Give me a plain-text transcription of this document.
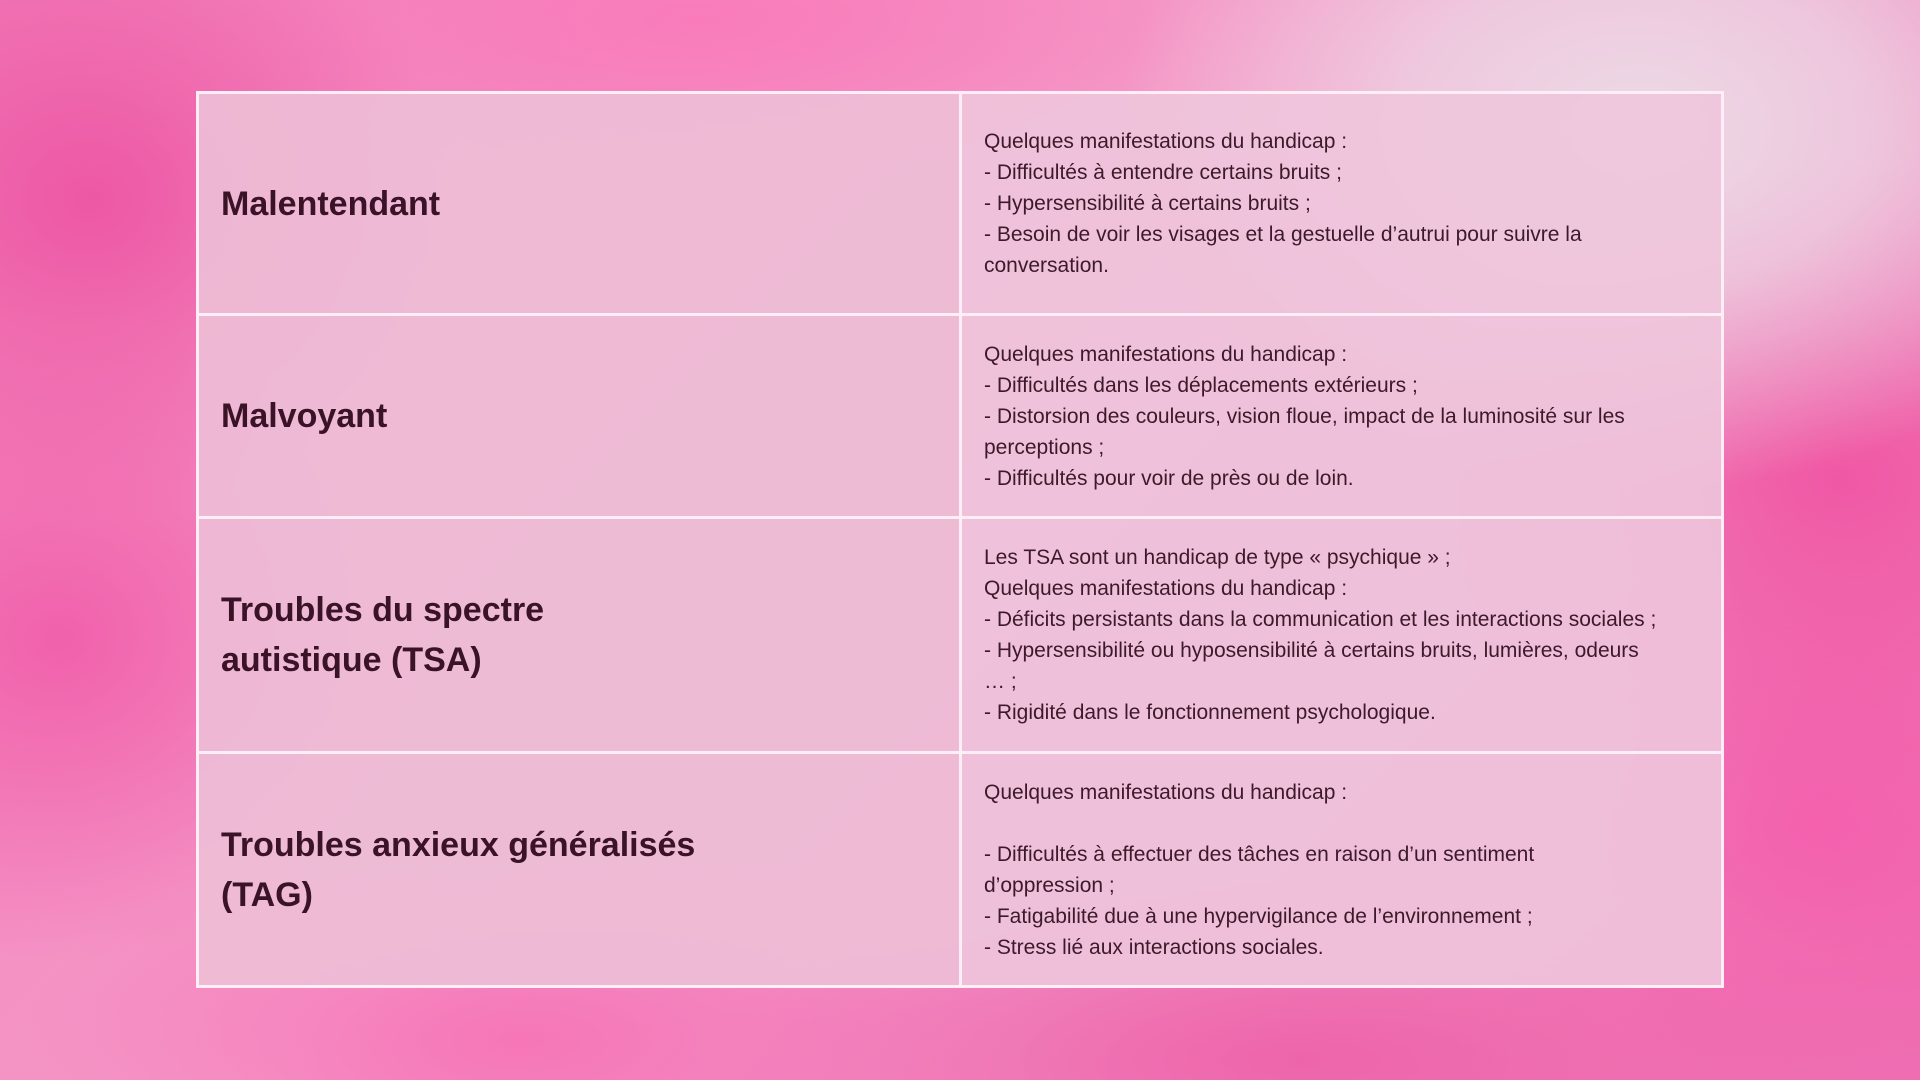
Malentendant
Quelques manifestations du handicap :
- Difficultés à entendre certains bruits ;
- Hypersensibilité à certains bruits ;
- Besoin de voir les visages et la gestuelle d’autrui pour suivre la
conversation.
Malvoyant
Quelques manifestations du handicap :
- Difficultés dans les déplacements extérieurs ;
- Distorsion des couleurs, vision floue, impact de la luminosité sur les
perceptions ;
- Difficultés pour voir de près ou de loin.
Troubles du spectre
autistique (TSA)
Les TSA sont un handicap de type « psychique » ;
Quelques manifestations du handicap :
- Déficits persistants dans la communication et les interactions sociales ;
- Hypersensibilité ou hyposensibilité à certains bruits, lumières, odeurs
… ;
- Rigidité dans le fonctionnement psychologique.
Troubles anxieux généralisés
(TAG)
Quelques manifestations du handicap :

- Difficultés à effectuer des tâches en raison d’un sentiment
d’oppression ;
- Fatigabilité due à une hypervigilance de l’environnement ;
- Stress lié aux interactions sociales.
